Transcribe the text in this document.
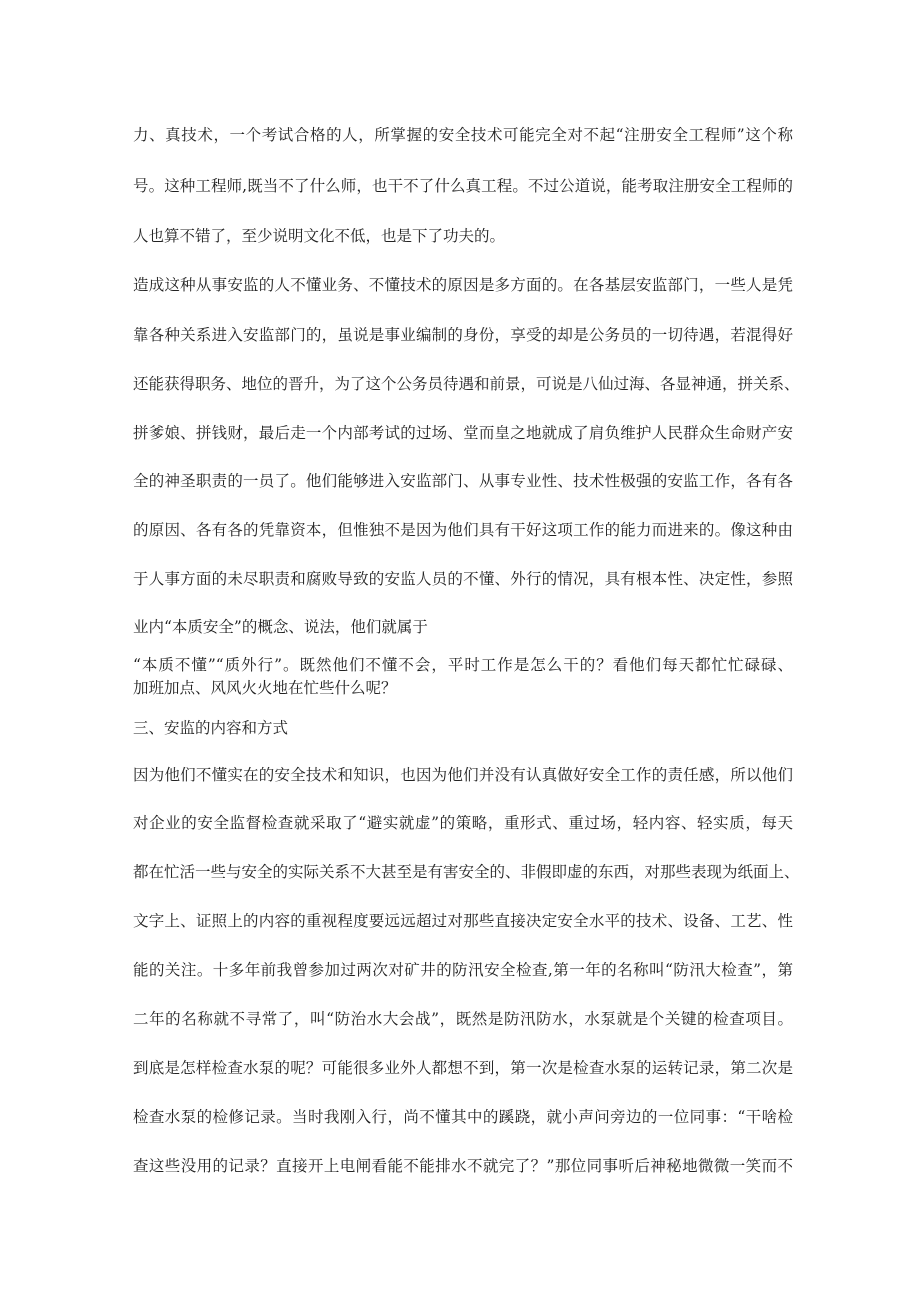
力、真技术，一个考试合格的人，所掌握的安全技术可能完全对不起“注册安全工程师”这个称
号。这种工程师,既当不了什么师，也干不了什么真工程。不过公道说，能考取注册安全工程师的
人也算不错了，至少说明文化不低，也是下了功夫的。
造成这种从事安监的人不懂业务、不懂技术的原因是多方面的。在各基层安监部门，一些人是凭
靠各种关系进入安监部门的，虽说是事业编制的身份，享受的却是公务员的一切待遇，若混得好
还能获得职务、地位的晋升，为了这个公务员待遇和前景，可说是八仙过海、各显神通，拼关系、
拼爹娘、拼钱财，最后走一个内部考试的过场、堂而皇之地就成了肩负维护人民群众生命财产安
全的神圣职责的一员了。他们能够进入安监部门、从事专业性、技术性极强的安监工作，各有各
的原因、各有各的凭靠资本，但惟独不是因为他们具有干好这项工作的能力而进来的。像这种由
于人事方面的未尽职责和腐败导致的安监人员的不懂、外行的情况，具有根本性、决定性，参照
业内“本质安全”的概念、说法，他们就属于
“本质不懂”“质外行”。既然他们不懂不会，平时工作是怎么干的？看他们每天都忙忙碌碌、
加班加点、风风火火地在忙些什么呢？
三、安监的内容和方式
因为他们不懂实在的安全技术和知识，也因为他们并没有认真做好安全工作的责任感，所以他们
对企业的安全监督检查就采取了“避实就虚”的策略，重形式、重过场，轻内容、轻实质，每天
都在忙活一些与安全的实际关系不大甚至是有害安全的、非假即虚的东西，对那些表现为纸面上、
文字上、证照上的内容的重视程度要远远超过对那些直接决定安全水平的技术、设备、工艺、性
能的关注。十多年前我曾参加过两次对矿井的防汛安全检查,第一年的名称叫“防汛大检查”，第
二年的名称就不寻常了，叫“防治水大会战”，既然是防汛防水，水泵就是个关键的检查项目。
到底是怎样检查水泵的呢？可能很多业外人都想不到，第一次是检查水泵的运转记录，第二次是
检查水泵的检修记录。当时我刚入行，尚不懂其中的蹊跷，就小声问旁边的一位同事：“干啥检
查这些没用的记录？直接开上电闸看能不能排水不就完了？”那位同事听后神秘地微微一笑而不
